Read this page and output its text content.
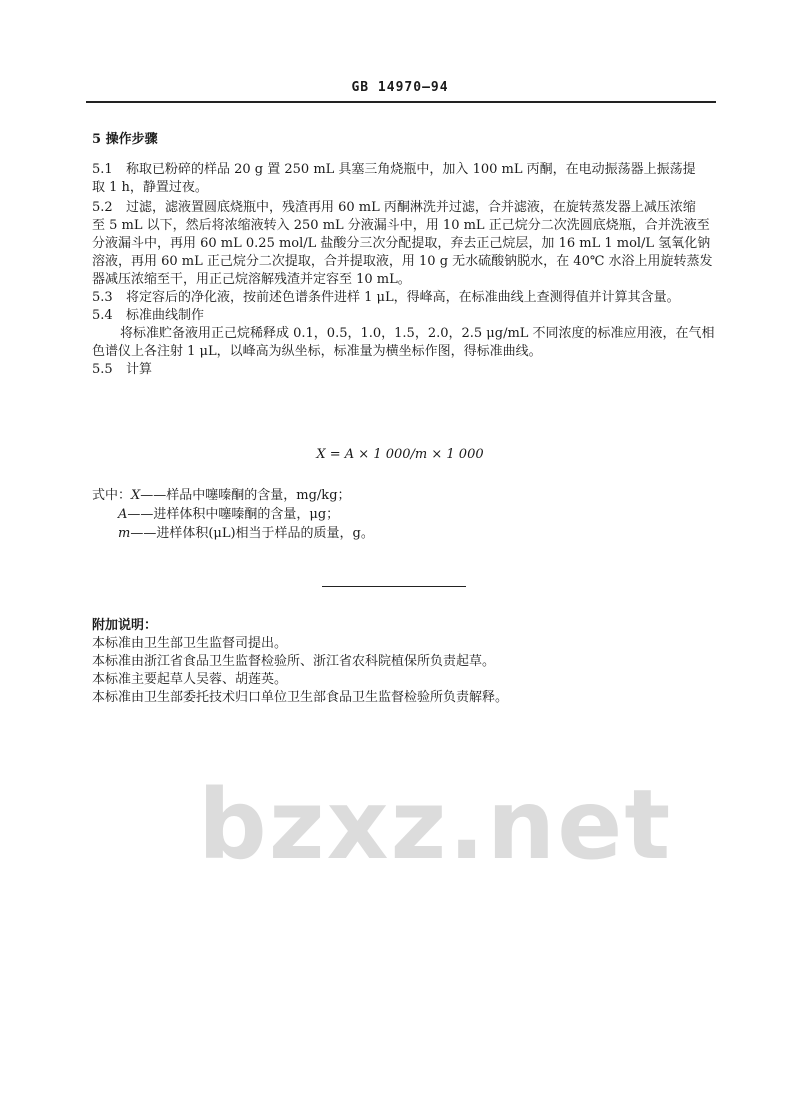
GB 14970—94
5 操作步骤
5.1 称取已粉碎的样品 20 g 置 250 mL 具塞三角烧瓶中，加入 100 mL 丙酮，在电动振荡器上振荡提
取 1 h，静置过夜。
5.2 过滤，滤液置圆底烧瓶中，残渣再用 60 mL 丙酮淋洗并过滤，合并滤液，在旋转蒸发器上减压浓缩
至 5 mL 以下，然后将浓缩液转入 250 mL 分液漏斗中，用 10 mL 正己烷分二次洗圆底烧瓶，合并洗液至
分液漏斗中，再用 60 mL 0.25 mol/L 盐酸分三次分配提取，弃去正己烷层，加 16 mL 1 mol/L 氢氧化钠
溶液，再用 60 mL 正己烷分二次提取，合并提取液，用 10 g 无水硫酸钠脱水，在 40℃ 水浴上用旋转蒸发
器减压浓缩至干，用正己烷溶解残渣并定容至 10 mL。
5.3 将定容后的净化液，按前述色谱条件进样 1 μL，得峰高，在标准曲线上查测得值并计算其含量。
5.4 标准曲线制作
将标准贮备液用正己烷稀释成 0.1，0.5，1.0，1.5，2.0，2.5 μg/mL 不同浓度的标准应用液，在气相
色谱仪上各注射 1 μL，以峰高为纵坐标，标准量为横坐标作图，得标准曲线。
5.5 计算
X = A × 1 000/m × 1 000
式中：X——样品中噻嗪酮的含量，mg/kg；
A——进样体积中噻嗪酮的含量，μg；
m——进样体积(μL)相当于样品的质量，g。
附加说明：
本标准由卫生部卫生监督司提出。
本标准由浙江省食品卫生监督检验所、浙江省农科院植保所负责起草。
本标准主要起草人吴蓉、胡莲英。
本标准由卫生部委托技术归口单位卫生部食品卫生监督检验所负责解释。
bzxz.net
